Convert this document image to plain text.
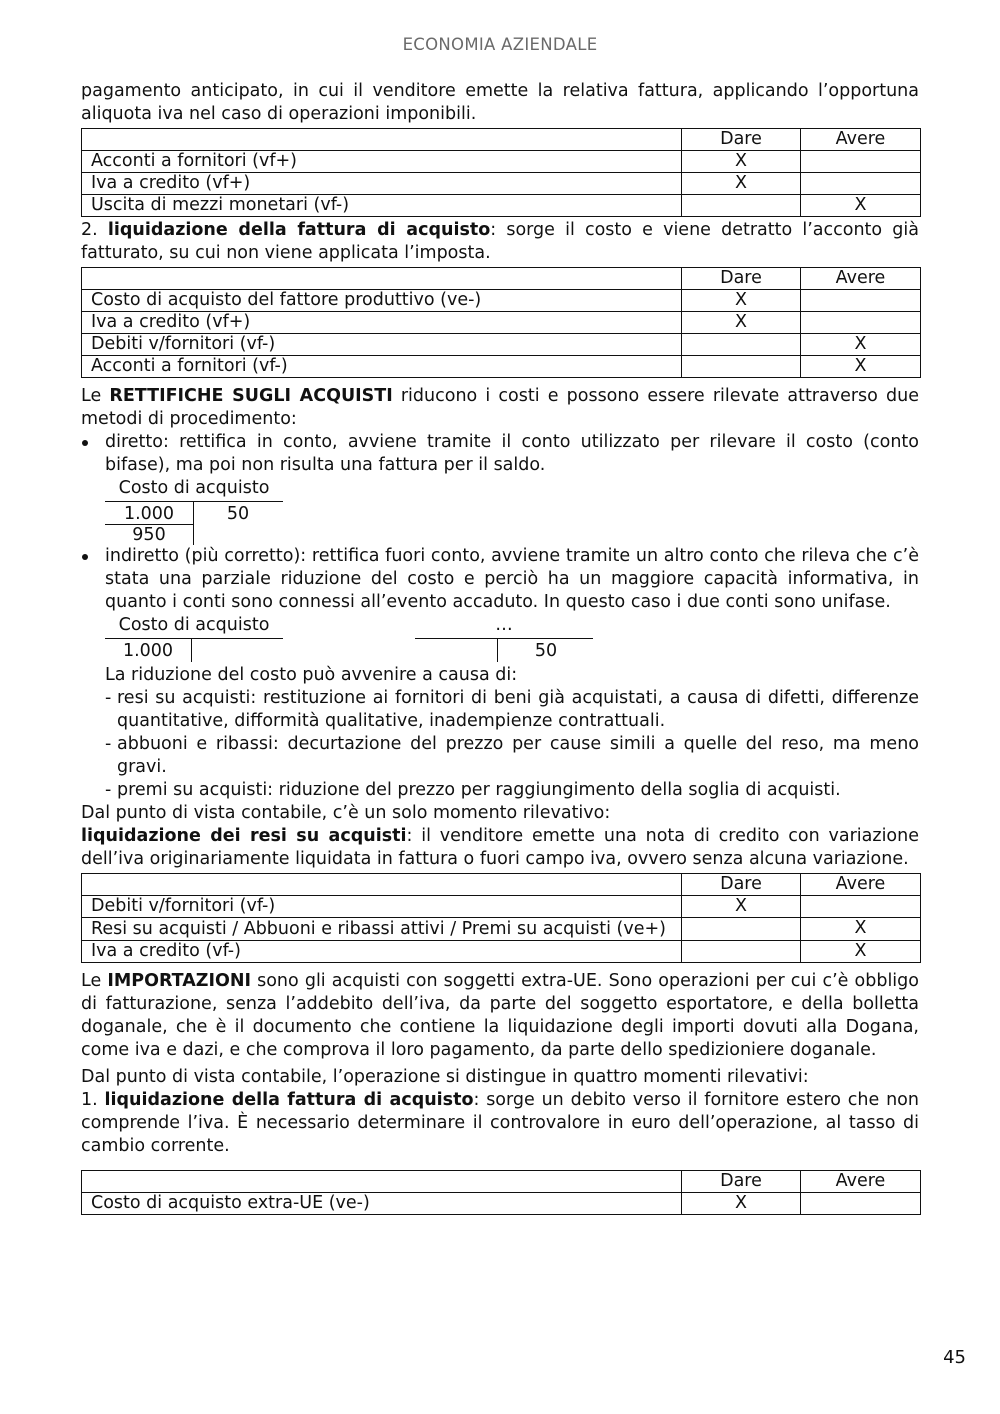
ECONOMIA AZIENDALE

pagamento anticipato, in cui il venditore emette la relativa fattura, applicando l’opportuna aliquota iva nel caso di operazioni imponibili.

	Dare	Avere
Acconti a fornitori (vf+)	X	
Iva a credito (vf+)	X	
Uscita di mezzi monetari (vf-)		X

2. liquidazione della fattura di acquisto: sorge il costo e viene detratto l’acconto già fatturato, su cui non viene applicata l’imposta.

	Dare	Avere
Costo di acquisto del fattore produttivo (ve-)	X	
Iva a credito (vf+)	X	
Debiti v/fornitori (vf-)		X
Acconti a fornitori (vf-)		X

Le RETTIFICHE SUGLI ACQUISTI riducono i costi e possono essere rilevate attraverso due metodi di procedimento:

diretto: rettifica in conto, avviene tramite il conto utilizzato per rilevare il costo (conto bifase), ma poi non risulta una fattura per il saldo.
Costo di acquisto
1.000	50
950
indiretto (più corretto): rettifica fuori conto, avviene tramite un altro conto che rileva che c’è stata una parziale riduzione del costo e perciò ha un maggiore capacità informativa, in quanto i conti sono connessi all’evento accaduto. In questo caso i due conti sono unifase.
Costo di acquisto
1.000
…
50
La riduzione del costo può avvenire a causa di:
- resi su acquisti: restituzione ai fornitori di beni già acquistati, a causa di difetti, differenze quantitative, difformità qualitative, inadempienze contrattuali.
- abbuoni e ribassi: decurtazione del prezzo per cause simili a quelle del reso, ma meno gravi.
- premi su acquisti: riduzione del prezzo per raggiungimento della soglia di acquisti.

Dal punto di vista contabile, c’è un solo momento rilevativo:

liquidazione dei resi su acquisti: il venditore emette una nota di credito con variazione dell’iva originariamente liquidata in fattura o fuori campo iva, ovvero senza alcuna variazione.

	Dare	Avere
Debiti v/fornitori (vf-)	X	
Resi su acquisti / Abbuoni e ribassi attivi / Premi su acquisti (ve+)		X
Iva a credito (vf-)		X

Le IMPORTAZIONI sono gli acquisti con soggetti extra-UE. Sono operazioni per cui c’è obbligo di fatturazione, senza l’addebito dell’iva, da parte del soggetto esportatore, e della bolletta doganale, che è il documento che contiene la liquidazione degli importi dovuti alla Dogana, come iva e dazi, e che comprova il loro pagamento, da parte dello spedizioniere doganale.

Dal punto di vista contabile, l’operazione si distingue in quattro momenti rilevativi:

1. liquidazione della fattura di acquisto: sorge un debito verso il fornitore estero che non comprende l’iva. È necessario determinare il controvalore in euro dell’operazione, al tasso di cambio corrente.

	Dare	Avere
Costo di acquisto extra-UE (ve-)	X	
45
